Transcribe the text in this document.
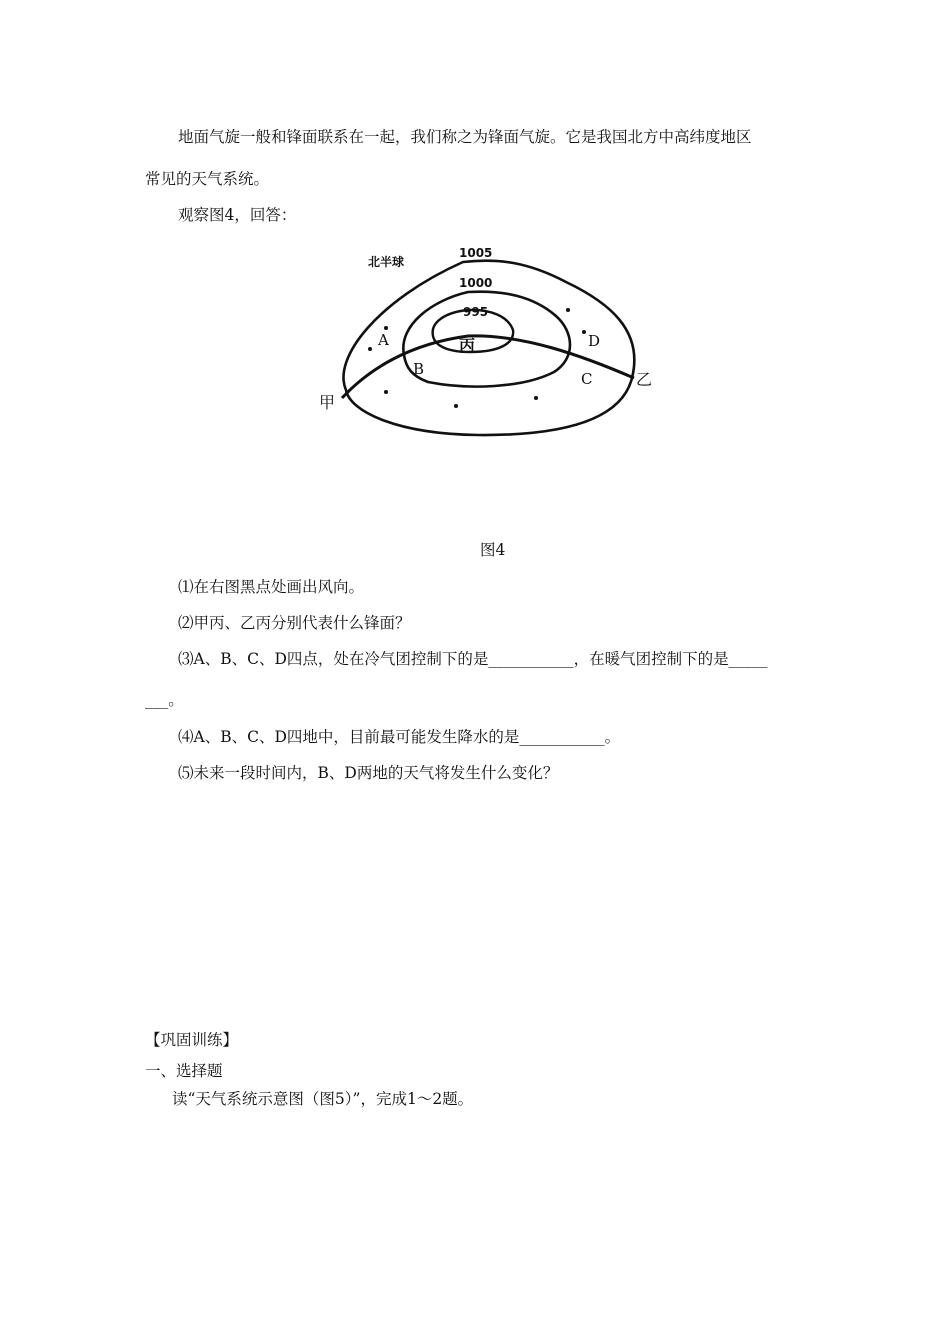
地面气旋一般和锋面联系在一起，我们称之为锋面气旋。它是我国北方中高纬度地区
常见的天气系统。
观察图4，回答：
1005
1000
995
北半球
丙
A
B
C
D
甲
乙
图4
⑴在右图黑点处画出风向。
⑵甲丙、乙丙分别代表什么锋面？
⑶A、B、C、D四点，处在冷气团控制下的是___________，在暖气团控制下的是_____
___。
⑷A、B、C、D四地中，目前最可能发生降水的是___________。
⑸未来一段时间内，B、D两地的天气将发生什么变化？
【巩固训练】
一、选择题
读“天气系统示意图（图5）”，完成1～2题。
